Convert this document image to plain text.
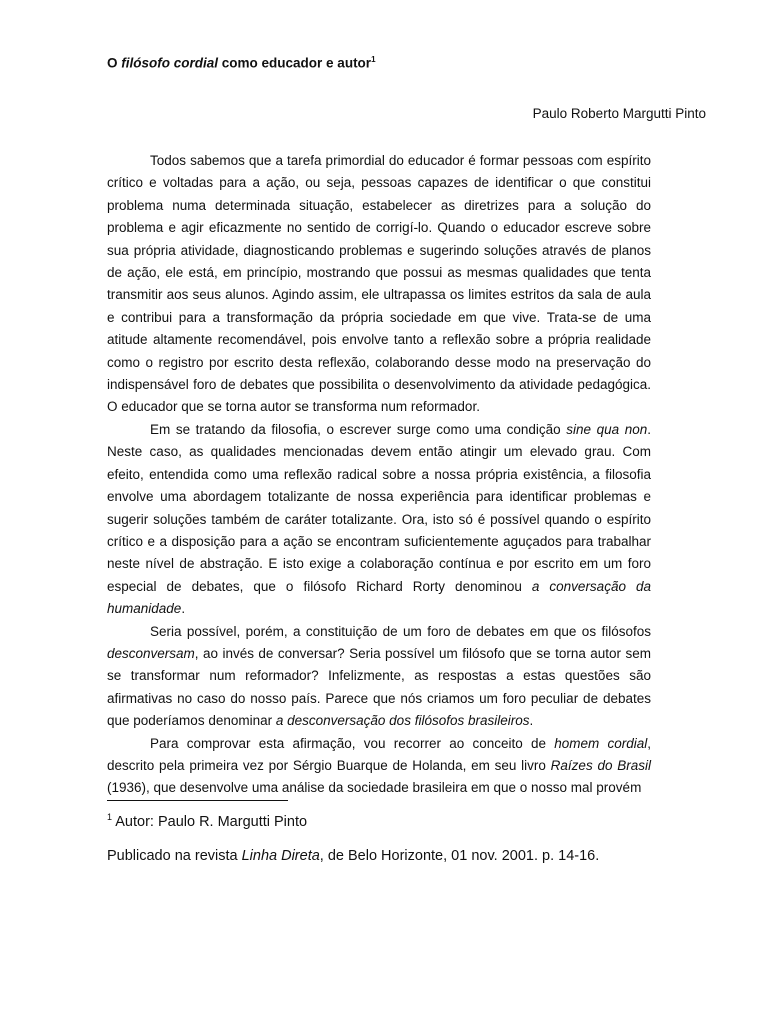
O filósofo cordial como educador e autor$^1$
Paulo Roberto Margutti Pinto

Todos sabemos que a tarefa primordial do educador é formar pessoas com espírito crítico e voltadas para a ação, ou seja, pessoas capazes de identificar o que constitui problema numa determinada situação, estabelecer as diretrizes para a solução do problema e agir eficazmente no sentido de corrigí-lo. Quando o educador escreve sobre sua própria atividade, diagnosticando problemas e sugerindo soluções através de planos de ação, ele está, em princípio, mostrando que possui as mesmas qualidades que tenta transmitir aos seus alunos. Agindo assim, ele ultrapassa os limites estritos da sala de aula e contribui para a transformação da própria sociedade em que vive. Trata-se de uma atitude altamente recomendável, pois envolve tanto a reflexão sobre a própria realidade como o registro por escrito desta reflexão, colaborando desse modo na preservação do indispensável foro de debates que possibilita o desenvolvimento da atividade pedagógica. O educador que se torna autor se transforma num reformador.

Em se tratando da filosofia, o escrever surge como uma condição sine qua non. Neste caso, as qualidades mencionadas devem então atingir um elevado grau. Com efeito, entendida como uma reflexão radical sobre a nossa própria existência, a filosofia envolve uma abordagem totalizante de nossa experiência para identificar problemas e sugerir soluções também de caráter totalizante. Ora, isto só é possível quando o espírito crítico e a disposição para a ação se encontram suficientemente aguçados para trabalhar neste nível de abstração. E isto exige a colaboração contínua e por escrito em um foro especial de debates, que o filósofo Richard Rorty denominou a conversação da humanidade.

Seria possível, porém, a constituição de um foro de debates em que os filósofos desconversam, ao invés de conversar? Seria possível um filósofo que se torna autor sem se transformar num reformador? Infelizmente, as respostas a estas questões são afirmativas no caso do nosso país. Parece que nós criamos um foro peculiar de debates que poderíamos denominar a desconversação dos filósofos brasileiros.

Para comprovar esta afirmação, vou recorrer ao conceito de homem cordial, descrito pela primeira vez por Sérgio Buarque de Holanda, em seu livro Raízes do Brasil (1936), que desenvolve uma análise da sociedade brasileira em que o nosso mal provém

$^1$ Autor: Paulo R. Margutti Pinto
Publicado na revista Linha Direta, de Belo Horizonte, 01 nov. 2001. p. 14-16.
